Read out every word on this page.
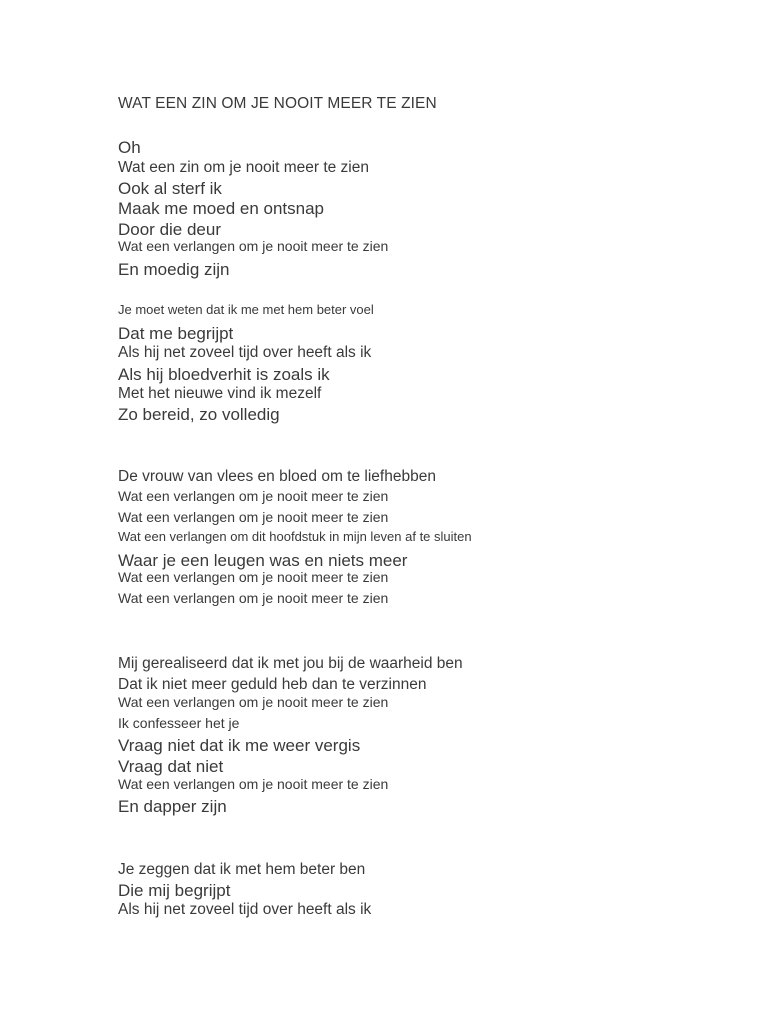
WAT EEN ZIN OM JE NOOIT MEER TE ZIEN
Oh
Wat een zin om je nooit meer te zien
Ook al sterf ik
Maak me moed en ontsnap
Door die deur
Wat een verlangen om je nooit meer te zien
En moedig zijn
Je moet weten dat ik me met hem beter voel
Dat me begrijpt
Als hij net zoveel tijd over heeft als ik
Als hij bloedverhit is zoals ik
Met het nieuwe vind ik mezelf
Zo bereid, zo volledig
De vrouw van vlees en bloed om te liefhebben
Wat een verlangen om je nooit meer te zien
Wat een verlangen om je nooit meer te zien
Wat een verlangen om dit hoofdstuk in mijn leven af te sluiten
Waar je een leugen was en niets meer
Wat een verlangen om je nooit meer te zien
Wat een verlangen om je nooit meer te zien
Mij gerealiseerd dat ik met jou bij de waarheid ben
Dat ik niet meer geduld heb dan te verzinnen
Wat een verlangen om je nooit meer te zien
Ik confesseer het je
Vraag niet dat ik me weer vergis
Vraag dat niet
Wat een verlangen om je nooit meer te zien
En dapper zijn
Je zeggen dat ik met hem beter ben
Die mij begrijpt
Als hij net zoveel tijd over heeft als ik
